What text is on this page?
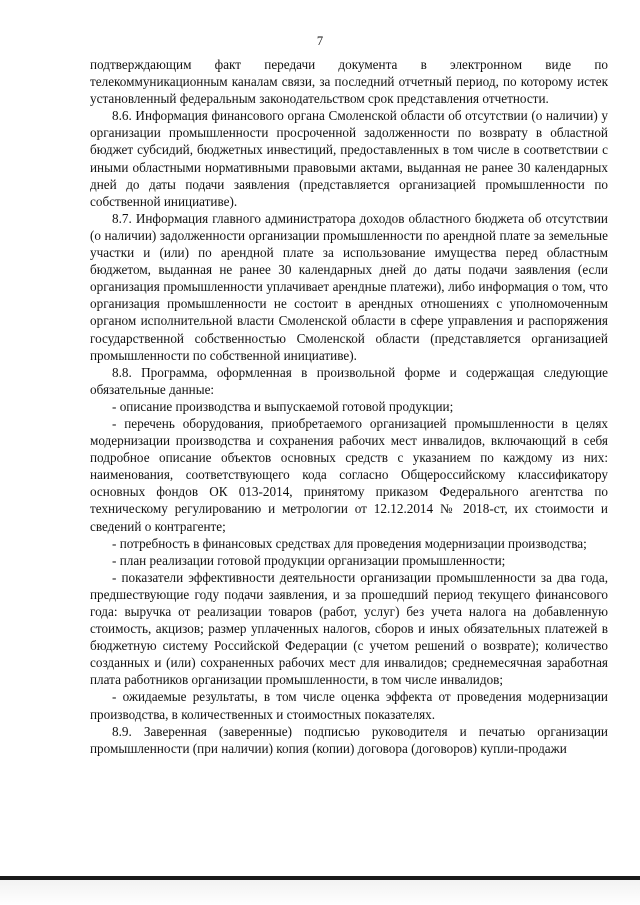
7

подтверждающим факт передачи документа в электронном виде по телекоммуникационным каналам связи, за последний отчетный период, по которому истек установленный федеральным законодательством срок представления отчетности.

8.6. Информация финансового органа Смоленской области об отсутствии (о наличии) у организации промышленности просроченной задолженности по возврату в областной бюджет субсидий, бюджетных инвестиций, предоставленных в том числе в соответствии с иными областными нормативными правовыми актами, выданная не ранее 30 календарных дней до даты подачи заявления (представляется организацией промышленности по собственной инициативе).

8.7. Информация главного администратора доходов областного бюджета об отсутствии (о наличии) задолженности организации промышленности по арендной плате за земельные участки и (или) по арендной плате за использование имущества перед областным бюджетом, выданная не ранее 30 календарных дней до даты подачи заявления (если организация промышленности уплачивает арендные платежи), либо информация о том, что организация промышленности не состоит в арендных отношениях с уполномоченным органом исполнительной власти Смоленской области в сфере управления и распоряжения государственной собственностью Смоленской области (представляется организацией промышленности по собственной инициативе).

8.8. Программа, оформленная в произвольной форме и содержащая следующие обязательные данные:

- описание производства и выпускаемой готовой продукции;

- перечень оборудования, приобретаемого организацией промышленности в целях модернизации производства и сохранения рабочих мест инвалидов, включающий в себя подробное описание объектов основных средств с указанием по каждому из них: наименования, соответствующего кода согласно Общероссийскому классификатору основных фондов ОК 013-2014, принятому приказом Федерального агентства по техническому регулированию и метрологии от 12.12.2014 № 2018-ст, их стоимости и сведений о контрагенте;

- потребность в финансовых средствах для проведения модернизации производства;

- план реализации готовой продукции организации промышленности;

- показатели эффективности деятельности организации промышленности за два года, предшествующие году подачи заявления, и за прошедший период текущего финансового года: выручка от реализации товаров (работ, услуг) без учета налога на добавленную стоимость, акцизов; размер уплаченных налогов, сборов и иных обязательных платежей в бюджетную систему Российской Федерации (с учетом решений о возврате); количество созданных и (или) сохраненных рабочих мест для инвалидов; среднемесячная заработная плата работников организации промышленности, в том числе инвалидов;

- ожидаемые результаты, в том числе оценка эффекта от проведения модернизации производства, в количественных и стоимостных показателях.

8.9. Заверенная (заверенные) подписью руководителя и печатью организации промышленности (при наличии) копия (копии) договора (договоров) купли-продажи
